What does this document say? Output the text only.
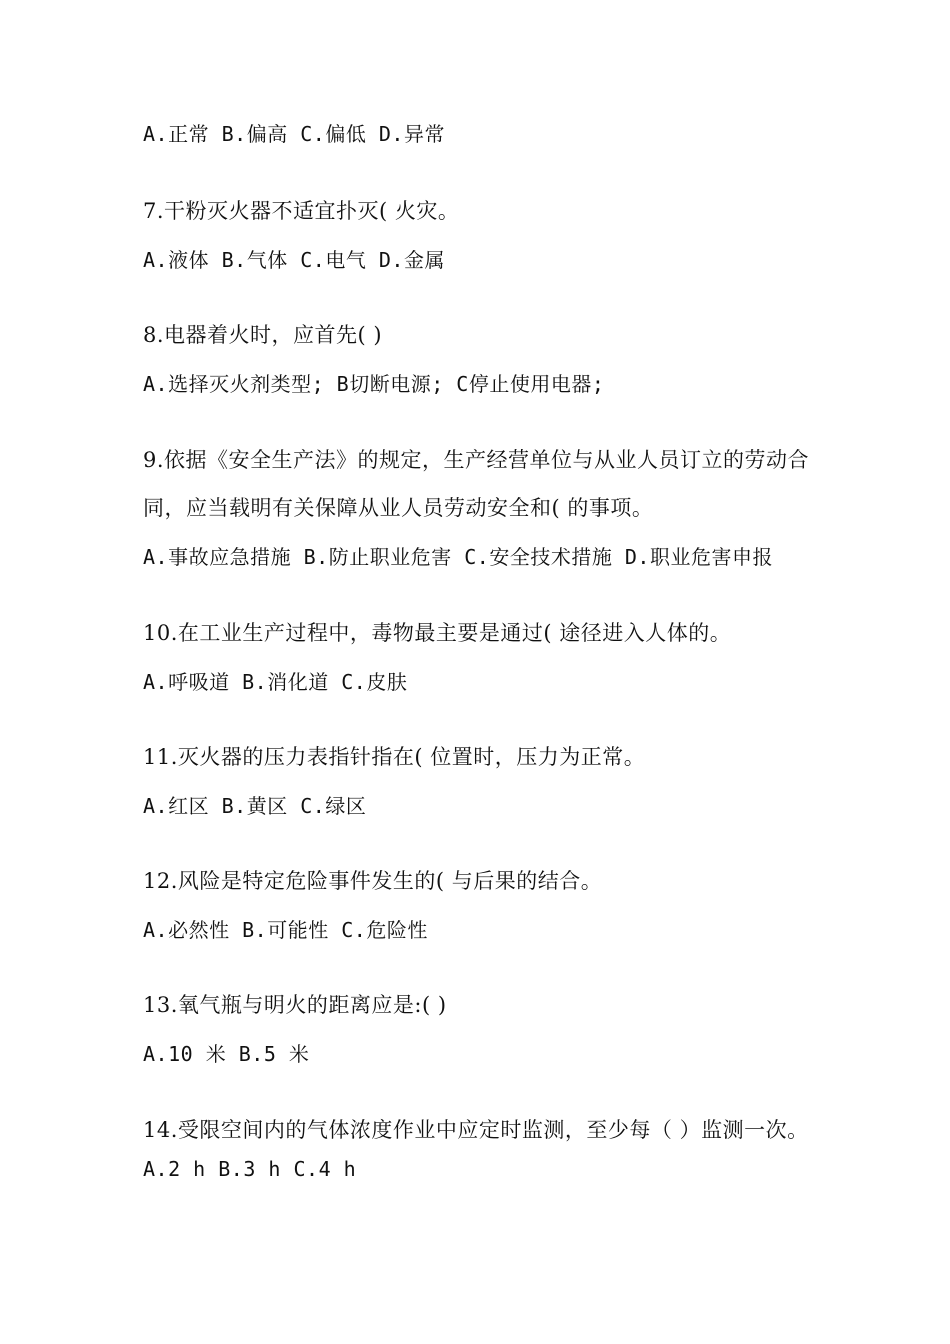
A.正常 B.偏高 C.偏低 D.异常
7.干粉灭火器不适宜扑灭( 火灾。
A.液体 B.气体 C.电气 D.金属
8.电器着火时，应首先( )
A.选择灭火剂类型; B切断电源; C停止使用电器;
9.依据《安全生产法》的规定，生产经营单位与从业人员订立的劳动合
同，应当载明有关保障从业人员劳动安全和( 的事项。
A.事故应急措施 B.防止职业危害 C.安全技术措施 D.职业危害申报
10.在工业生产过程中，毒物最主要是通过( 途径进入人体的。
A.呼吸道 B.消化道 C.皮肤
11.灭火器的压力表指针指在( 位置时，压力为正常。
A.红区 B.黄区 C.绿区
12.风险是特定危险事件发生的( 与后果的结合。
A.必然性 B.可能性 C.危险性
13.氧气瓶与明火的距离应是:( )
A.10 米 B.5 米
14.受限空间内的气体浓度作业中应定时监测，至少每（ ）监测一次。
A.2 h B.3 h C.4 h
